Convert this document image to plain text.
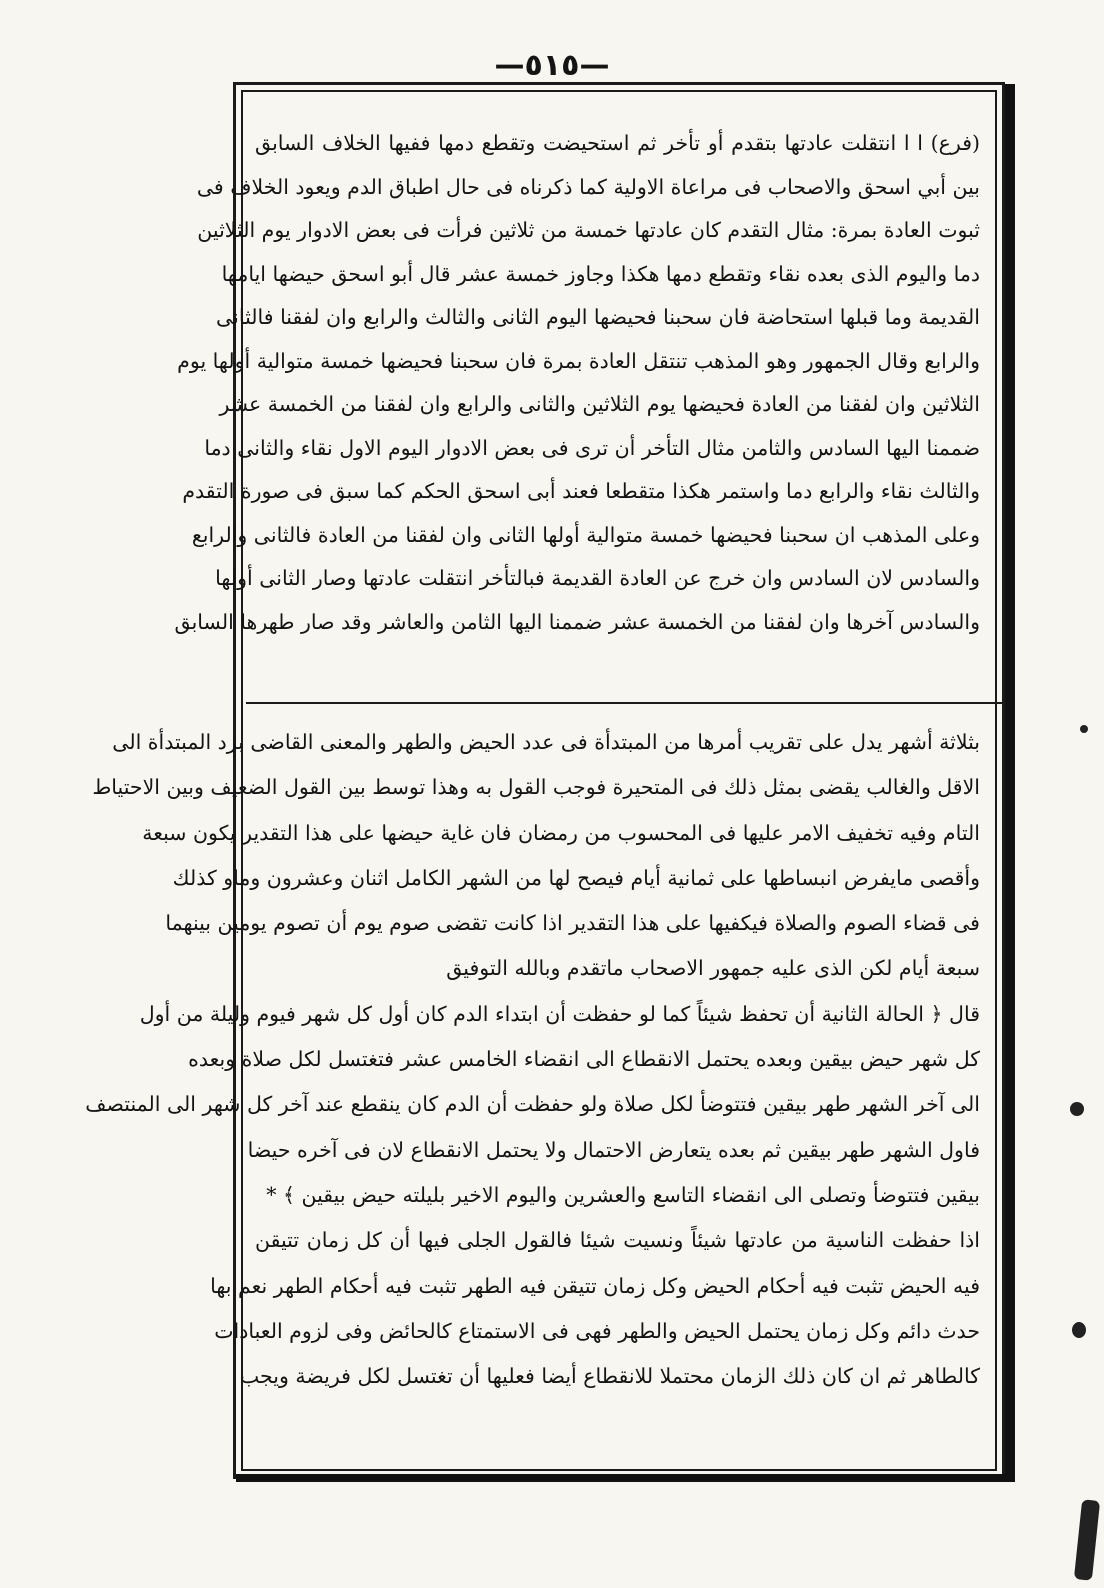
—٥١٥—
(فرع) ا ا انتقلت عادتها بتقدم أو تأخر ثم استحيضت وتقطع دمها ففيها الخلاف السابق
بين أبي اسحق والاصحاب فى مراعاة الاولية كما ذكرناه فى حال اطباق الدم ويعود الخلاف فى
ثبوت العادة بمرة: مثال التقدم كان عادتها خمسة من ثلاثين فرأت فى بعض الادوار يوم الثلاثين
دما واليوم الذى بعده نقاء وتقطع دمها هكذا وجاوز خمسة عشر قال أبو اسحق حيضها ايامها
القديمة وما قبلها استحاضة فان سحبنا فحيضها اليوم الثانى والثالث والرابع وان لفقنا فالثانى
والرابع وقال الجمهور وهو المذهب تنتقل العادة بمرة فان سحبنا فحيضها خمسة متوالية أولها يوم
الثلاثين وان لفقنا من العادة فحيضها يوم الثلاثين والثانى والرابع وان لفقنا من الخمسة عشر
ضممنا اليها السادس والثامن مثال التأخر أن ترى فى بعض الادوار اليوم الاول نقاء والثانى دما
والثالث نقاء والرابع دما واستمر هكذا متقطعا فعند أبى اسحق الحكم كما سبق فى صورة التقدم
وعلى المذهب ان سحبنا فحيضها خمسة متوالية أولها الثانى وان لفقنا من العادة فالثانى والرابع
والسادس لان السادس وان خرج عن العادة القديمة فبالتأخر انتقلت عادتها وصار الثانى أولها
والسادس آخرها وان لفقنا من الخمسة عشر ضممنا اليها الثامن والعاشر وقد صار طهرها السابق
بثلاثة أشهر يدل على تقريب أمرها من المبتدأة فى عدد الحيض والطهر والمعنى القاضى برد المبتدأة الى
الاقل والغالب يقضى بمثل ذلك فى المتحيرة فوجب القول به وهذا توسط بين القول الضعيف وبين الاحتياط
التام وفيه تخفيف الامر عليها فى المحسوب من رمضان فان غاية حيضها على هذا التقدير يكون سبعة
وأقصى مايفرض انبساطها على ثمانية أيام فيصح لها من الشهر الكامل اثنان وعشرون وماو كذلك
فى قضاء الصوم والصلاة فيكفيها على هذا التقدير اذا كانت تقضى صوم يوم أن تصوم يومين بينهما
سبعة أيام لكن الذى عليه جمهور الاصحاب ماتقدم وبالله التوفيق
قال ﴿ الحالة الثانية أن تحفظ شيئاً كما لو حفظت أن ابتداء الدم كان أول كل شهر فيوم وليلة من أول
كل شهر حيض بيقين وبعده يحتمل الانقطاع الى انقضاء الخامس عشر فتغتسل لكل صلاة وبعده
الى آخر الشهر طهر بيقين فتتوضأ لكل صلاة ولو حفظت أن الدم كان ينقطع عند آخر كل شهر الى المنتصف
فاول الشهر طهر بيقين ثم بعده يتعارض الاحتمال ولا يحتمل الانقطاع لان فى آخره حيضا
بيقين فتتوضأ وتصلى الى انقضاء التاسع والعشرين واليوم الاخير بليلته حيض بيقين ﴾ *
اذا حفظت الناسية من عادتها شيئاً ونسيت شيئا فالقول الجلى فيها أن كل زمان تتيقن
فيه الحيض تثبت فيه أحكام الحيض وكل زمان تتيقن فيه الطهر تثبت فيه أحكام الطهر نعم بها
حدث دائم وكل زمان يحتمل الحيض والطهر فهى فى الاستمتاع كالحائض وفى لزوم العبادات
كالطاهر ثم ان كان ذلك الزمان محتملا للانقطاع أيضا فعليها أن تغتسل لكل فريضة ويجب
